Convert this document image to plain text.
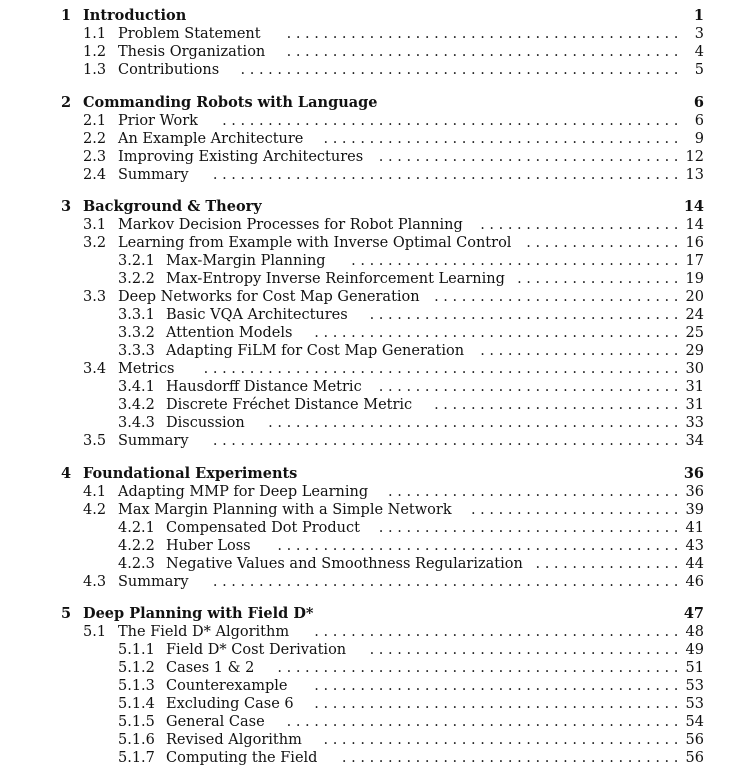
1 Introduction	1
1.1 Problem Statement	. . . . . . . . . . . . . . . . . . . . . . . . . . . . . . . . . . . . . . . . . . . 3
1.2 Thesis Organization	. . . . . . . . . . . . . . . . . . . . . . . . . . . . . . . . . . . . . . . . . . . 4
1.3 Contributions	. . . . . . . . . . . . . . . . . . . . . . . . . . . . . . . . . . . . . . . . . . . . . . . . 5
2 Commanding Robots with Language	6
2.1 Prior Work	. . . . . . . . . . . . . . . . . . . . . . . . . . . . . . . . . . . . . . . . . . . . . . . . . . 6
2.2 An Example Architecture	. . . . . . . . . . . . . . . . . . . . . . . . . . . . . . . . . . . . . . . 9
2.3 Improving Existing Architectures	. . . . . . . . . . . . . . . . . . . . . . . . . . . . . . . . . 12
2.4 Summary	. . . . . . . . . . . . . . . . . . . . . . . . . . . . . . . . . . . . . . . . . . . . . . . . . . . 13
3 Background & Theory	14
3.1 Markov Decision Processes for Robot Planning	. . . . . . . . . . . . . . . . . . . . . . 14
3.2 Learning from Example with Inverse Optimal Control	. . . . . . . . . . . . . . . . . 16
3.2.1 Max-Margin Planning	. . . . . . . . . . . . . . . . . . . . . . . . . . . . . . . . . . . . 17
3.2.2 Max-Entropy Inverse Reinforcement Learning . . . . . . . . . . . . . . . . . . 19
3.3 Deep Networks for Cost Map Generation . . . . . . . . . . . . . . . . . . . . . . . . . . . 20
3.3.1 Basic VQA Architectures	. . . . . . . . . . . . . . . . . . . . . . . . . . . . . . . . . . 24
3.3.2 Attention Models	. . . . . . . . . . . . . . . . . . . . . . . . . . . . . . . . . . . . . . . . 25
3.3.3 Adapting FiLM for Cost Map Generation	. . . . . . . . . . . . . . . . . . . . . . 29
3.4 Metrics	. . . . . . . . . . . . . . . . . . . . . . . . . . . . . . . . . . . . . . . . . . . . . . . . . . . . 30
3.4.1 Hausdorff Distance Metric	. . . . . . . . . . . . . . . . . . . . . . . . . . . . . . . . . 31
3.4.2 Discrete Fréchet Distance Metric	. . . . . . . . . . . . . . . . . . . . . . . . . . . 31
3.4.3 Discussion	. . . . . . . . . . . . . . . . . . . . . . . . . . . . . . . . . . . . . . . . . . . . . 33
3.5 Summary	. . . . . . . . . . . . . . . . . . . . . . . . . . . . . . . . . . . . . . . . . . . . . . . . . . . 34
4 Foundational Experiments	36
4.1 Adapting MMP for Deep Learning	. . . . . . . . . . . . . . . . . . . . . . . . . . . . . . . . 36
4.2 Max Margin Planning with a Simple Network	. . . . . . . . . . . . . . . . . . . . . . . 39
4.2.1 Compensated Dot Product	. . . . . . . . . . . . . . . . . . . . . . . . . . . . . . . . . 41
4.2.2 Huber Loss	. . . . . . . . . . . . . . . . . . . . . . . . . . . . . . . . . . . . . . . . . . . . 43
4.2.3 Negative Values and Smoothness Regularization . . . . . . . . . . . . . . . . 44
4.3 Summary	. . . . . . . . . . . . . . . . . . . . . . . . . . . . . . . . . . . . . . . . . . . . . . . . . . . 46
5 Deep Planning with Field D*	47
5.1 The Field D* Algorithm	. . . . . . . . . . . . . . . . . . . . . . . . . . . . . . . . . . . . . . . . 48
5.1.1 Field D* Cost Derivation	. . . . . . . . . . . . . . . . . . . . . . . . . . . . . . . . . . 49
5.1.2 Cases 1 & 2	. . . . . . . . . . . . . . . . . . . . . . . . . . . . . . . . . . . . . . . . . . . . 51
5.1.3 Counterexample	. . . . . . . . . . . . . . . . . . . . . . . . . . . . . . . . . . . . . . . . 53
5.1.4 Excluding Case 6	. . . . . . . . . . . . . . . . . . . . . . . . . . . . . . . . . . . . . . . . 53
5.1.5 General Case	. . . . . . . . . . . . . . . . . . . . . . . . . . . . . . . . . . . . . . . . . . . 54
5.1.6 Revised Algorithm	. . . . . . . . . . . . . . . . . . . . . . . . . . . . . . . . . . . . . . . 56
5.1.7 Computing the Field	. . . . . . . . . . . . . . . . . . . . . . . . . . . . . . . . . . . . . 56
